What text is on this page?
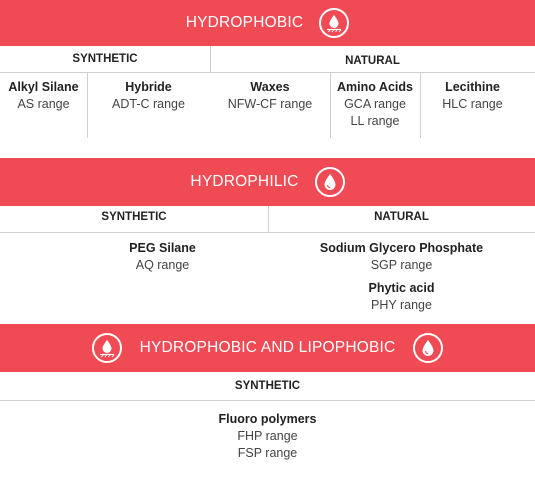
HYDROPHOBIC
SYNTHETIC	NATURAL
Alkyl Silane
AS range
Hybride
ADT-C range
Waxes
NFW-CF range
Amino Acids
GCA range
LL range
Lecithine
HLC range
HYDROPHILIC
SYNTHETIC	NATURAL
PEG Silane
AQ range
Sodium Glycero Phosphate
SGP range
Phytic acid
PHY range
HYDROPHOBIC AND LIPOPHOBIC
SYNTHETIC
Fluoro polymers
FHP range
FSP range
